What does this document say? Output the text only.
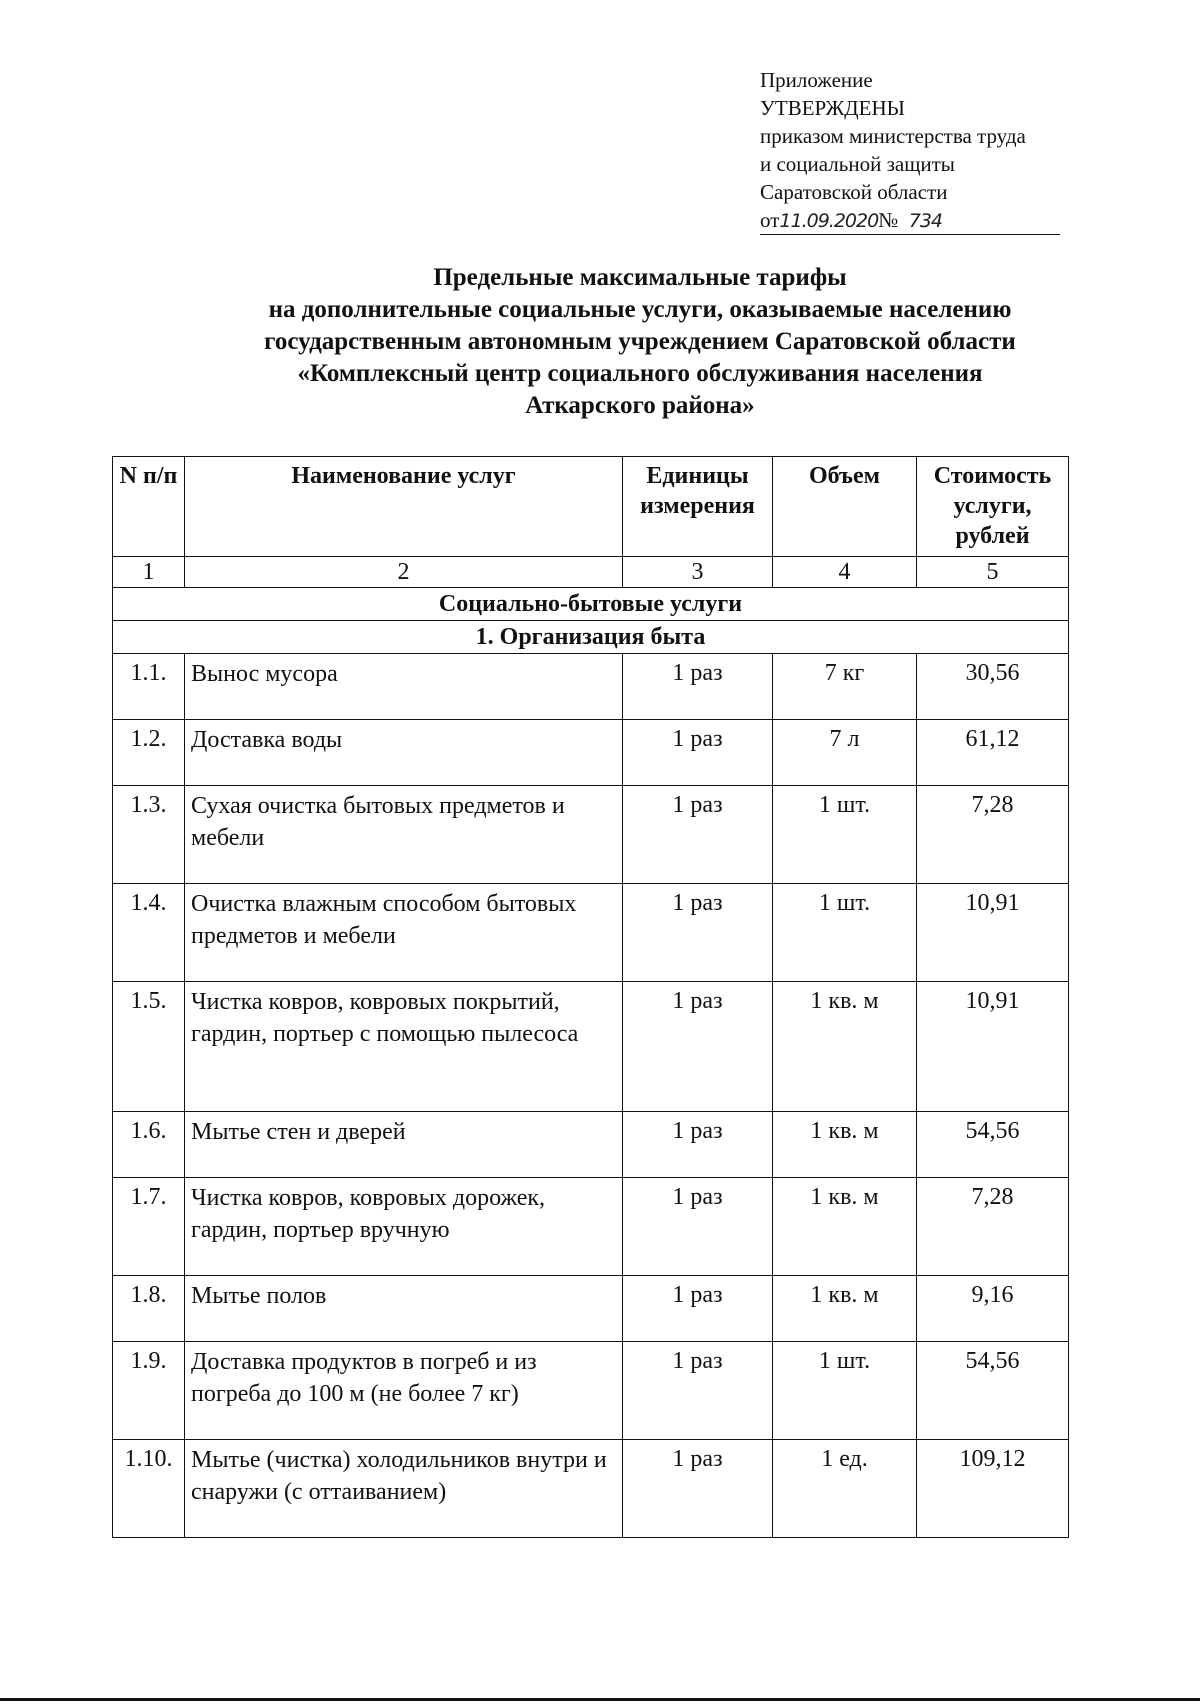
Приложение
УТВЕРЖДЕНЫ
приказом министерства труда
и социальной защиты
Саратовской области
от11.09.2020№ 734
Предельные максимальные тарифы
на дополнительные социальные услуги, оказываемые населению
государственным автономным учреждением Саратовской области
«Комплексный центр социального обслуживания населения
Аткарского района»
N п/п	Наименование услуг	Единицы измерения	Объем	Стоимость услуги, рублей
1	2	3	4	5
Социально-бытовые услуги				
1. Организация быта				
1.1.	Вынос мусора	1 раз	7 кг	30,56
1.2.	Доставка воды	1 раз	7 л	61,12
1.3.	Сухая очистка бытовых предметов и мебели	1 раз	1 шт.	7,28
1.4.	Очистка влажным способом бытовых предметов и мебели	1 раз	1 шт.	10,91
1.5.	Чистка ковров, ковровых покрытий, гардин, портьер с помощью пылесоса	1 раз	1 кв. м	10,91
1.6.	Мытье стен и дверей	1 раз	1 кв. м	54,56
1.7.	Чистка ковров, ковровых дорожек, гардин, портьер вручную	1 раз	1 кв. м	7,28
1.8.	Мытье полов	1 раз	1 кв. м	9,16
1.9.	Доставка продуктов в погреб и из погреба до 100 м (не более 7 кг)	1 раз	1 шт.	54,56
1.10.	Мытье (чистка) холодильников внутри и снаружи (с оттаиванием)	1 раз	1 ед.	109,12
